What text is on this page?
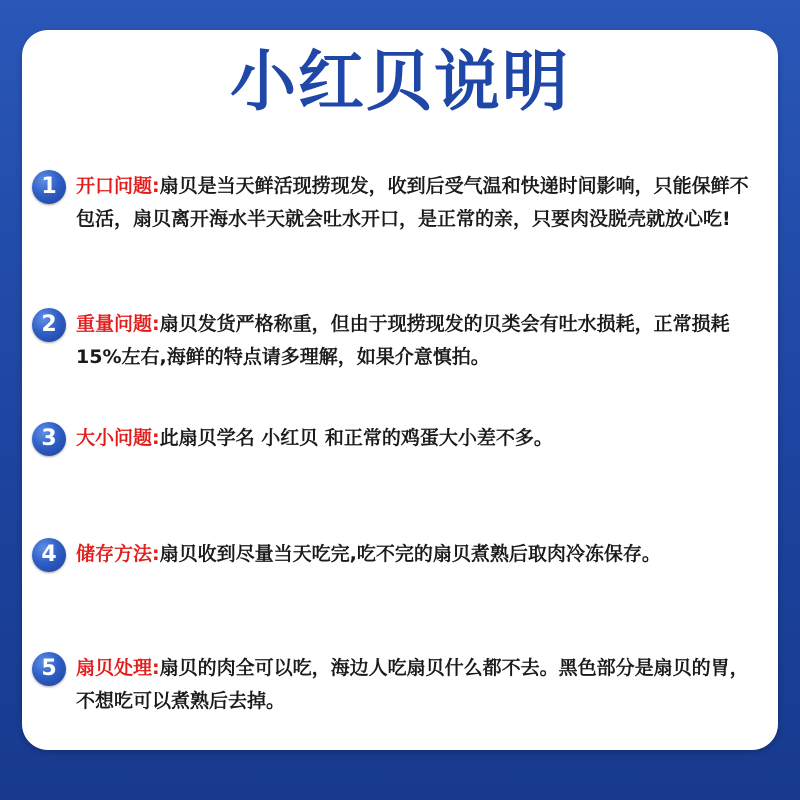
小红贝说明
1	开口问题:扇贝是当天鲜活现捞现发，收到后受气温和快递时间影响，只能保鲜不包活，扇贝离开海水半天就会吐水开口，是正常的亲，只要肉没脱壳就放心吃!

2	重量问题:扇贝发货严格称重，但由于现捞现发的贝类会有吐水损耗，正常损耗15%左右,海鲜的特点请多理解，如果介意慎拍。

3	大小问题:此扇贝学名 小红贝 和正常的鸡蛋大小差不多。

4	储存方法:扇贝收到尽量当天吃完,吃不完的扇贝煮熟后取肉冷冻保存。

5	扇贝处理:扇贝的肉全可以吃，海边人吃扇贝什么都不去。黑色部分是扇贝的胃，不想吃可以煮熟后去掉。
